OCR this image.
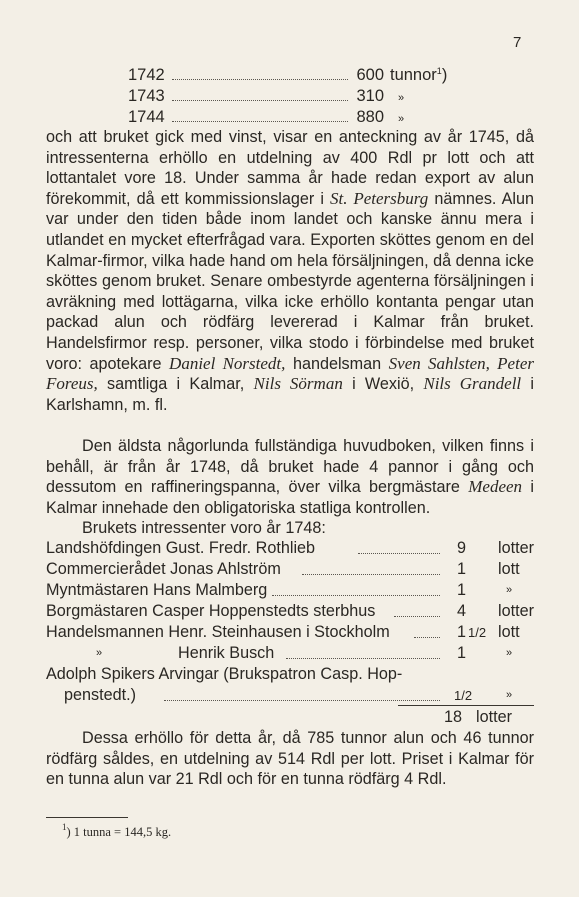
7
1742	600 tunnor$^1$)
1743	310 »
1744	880 »
och att bruket gick med vinst, visar en anteckning av år 1745, då intressenterna erhöllo en utdelning av 400 Rdl pr lott och att lottantalet vore 18. Under samma år hade redan export av alun förekommit, då ett kommissionslager i St. Petersburg nämnes. Alun var under den tiden både inom landet och kanske ännu mera i utlandet en mycket efterfrågad vara. Exporten sköttes genom en del Kalmar-firmor, vilka hade hand om hela försäljningen, då denna icke sköttes genom bruket. Senare ombestyrde agenterna försäljningen i avräkning med lottägarna, vilka icke erhöllo kontanta pengar utan packad alun och rödfärg levererad i Kalmar från bruket. Handelsfirmor resp. personer, vilka stodo i förbindelse med bruket voro: apotekare Daniel Norstedt, handelsman Sven Sahlsten, Peter Foreus, samtliga i Kalmar, Nils Sörman i Wexiö, Nils Grandell i Karlshamn, m. fl.
Den äldsta någorlunda fullständiga huvudboken, vilken finns i behåll, är från år 1748, då bruket hade 4 pannor i gång och dessutom en raffineringspanna, över vilka bergmästare Medeen i Kalmar innehade den obligatoriska statliga kontrollen.
Brukets intressenter voro år 1748:
Landshöfdingen Gust. Fredr. Rothlieb	9 lotter
Commercierådet Jonas Ahlström	1 lott
Myntmästaren Hans Malmberg	1	»
Borgmästaren Casper Hoppenstedts sterbhus	4 lotter
Handelsmannen Henr. Steinhausen i Stockholm	1 1/2 lott
»	Henrik Busch	1	»
Adolph Spikers Arvingar (Brukspatron Casp. Hop-
penstedt.)	1/2	»
18 lotter
Dessa erhöllo för detta år, då 785 tunnor alun och 46 tunnor rödfärg såldes, en utdelning av 514 Rdl per lott. Priset i Kalmar för en tunna alun var 21 Rdl och för en tunna rödfärg 4 Rdl.
$^1$) 1 tunna = 144,5 kg.
